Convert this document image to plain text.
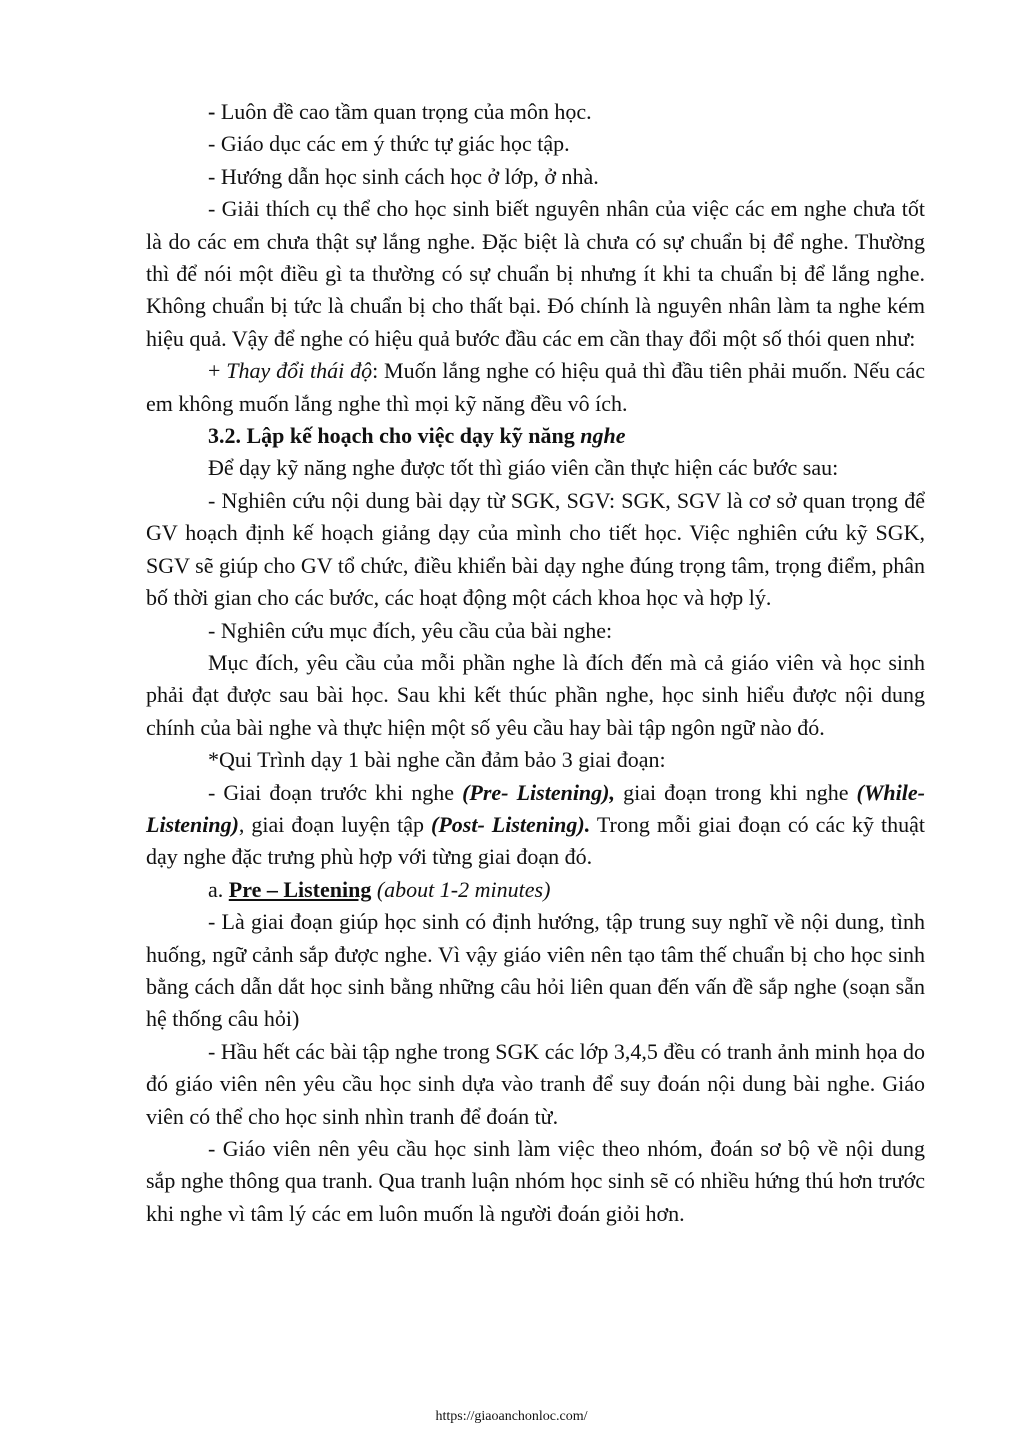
- Luôn đề cao tầm quan trọng của môn học.

- Giáo dục các em ý thức tự giác học tập.

- Hướng dẫn học sinh cách học ở lớp, ở nhà.

- Giải thích cụ thể cho học sinh biết nguyên nhân của việc các em nghe chưa tốt là do các em chưa thật sự lắng nghe. Đặc biệt là chưa có sự chuẩn bị để nghe. Thường thì để nói một điều gì ta thường có sự chuẩn bị nhưng ít khi ta chuẩn bị để lắng nghe. Không chuẩn bị tức là chuẩn bị cho thất bại. Đó chính là nguyên nhân làm ta nghe kém hiệu quả. Vậy để nghe có hiệu quả bước đầu các em cần thay đổi một số thói quen như:

+ Thay đổi thái độ: Muốn lắng nghe có hiệu quả thì đầu tiên phải muốn. Nếu các em không muốn lắng nghe thì mọi kỹ năng đều vô ích.

3.2. Lập kế hoạch cho việc dạy kỹ năng nghe

Để dạy kỹ năng nghe được tốt thì giáo viên cần thực hiện các bước sau:

- Nghiên cứu nội dung bài dạy từ SGK, SGV: SGK, SGV là cơ sở quan trọng để GV hoạch định kế hoạch giảng dạy của mình cho tiết học. Việc nghiên cứu kỹ SGK, SGV sẽ giúp cho GV tổ chức, điều khiển bài dạy nghe đúng trọng tâm, trọng điểm, phân bố thời gian cho các bước, các hoạt động một cách khoa học và hợp lý.

- Nghiên cứu mục đích, yêu cầu của bài nghe:

Mục đích, yêu cầu của mỗi phần nghe là đích đến mà cả giáo viên và học sinh phải đạt được sau bài học. Sau khi kết thúc phần nghe, học sinh hiểu được nội dung chính của bài nghe và thực hiện một số yêu cầu hay bài tập ngôn ngữ nào đó.

*Qui Trình dạy 1 bài nghe cần đảm bảo 3 giai đoạn:

- Giai đoạn trước khi nghe (Pre- Listening), giai đoạn trong khi nghe (While- Listening), giai đoạn luyện tập (Post- Listening). Trong mỗi giai đoạn có các kỹ thuật dạy nghe đặc trưng phù hợp với từng giai đoạn đó.

a. Pre – Listening (about 1-2 minutes)

- Là giai đoạn giúp học sinh có định hướng, tập trung suy nghĩ về nội dung, tình huống, ngữ cảnh sắp được nghe. Vì vậy giáo viên nên tạo tâm thế chuẩn bị cho học sinh bằng cách dẫn dắt học sinh bằng những câu hỏi liên quan đến vấn đề sắp nghe (soạn sẵn hệ thống câu hỏi)

- Hầu hết các bài tập nghe trong SGK các lớp 3,4,5 đều có tranh ảnh minh họa do đó giáo viên nên yêu cầu học sinh dựa vào tranh để suy đoán nội dung bài nghe. Giáo viên có thể cho học sinh nhìn tranh để đoán từ.

- Giáo viên nên yêu cầu học sinh làm việc theo nhóm, đoán sơ bộ về nội dung sắp nghe thông qua tranh. Qua tranh luận nhóm học sinh sẽ có nhiều hứng thú hơn trước khi nghe vì tâm lý các em luôn muốn là người đoán giỏi hơn.

https://giaoanchonloc.com/
